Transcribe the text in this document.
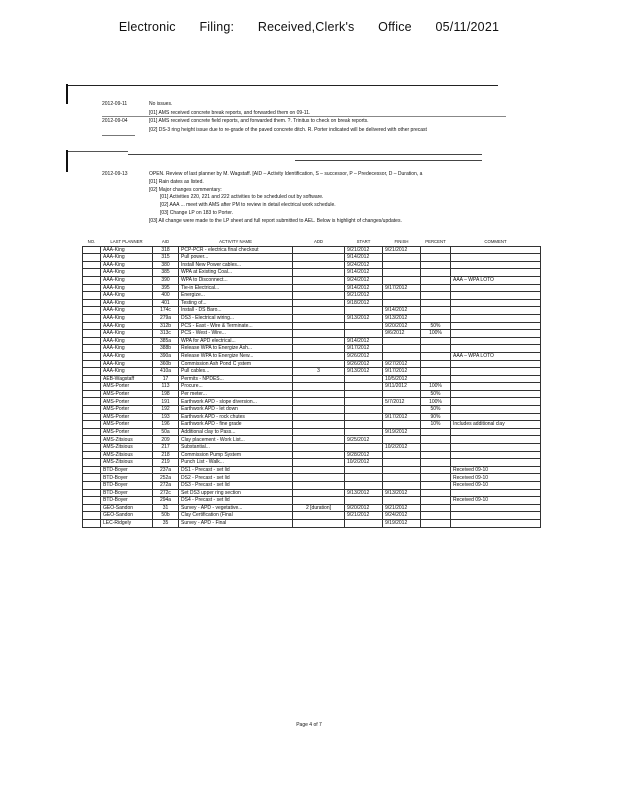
Electronic Filing: Received,Clerk's Office 05/11/2021
2012-09-11	No issues.
[01] AMS received concrete break reports, and forwarded them on 09-11.
2012-09-04	[01] AMS received concrete field reports, and forwarded them. ?. Trinitus to check on break reports.
[02] DS-3 ring height issue due to re-grade of the paved concrete ditch. R. Porter indicated will be delivered with other precast
2012-09-13	OPEN. Review of last planner by M. Wagstaff. [AID – Activity Identification, S – successor, P – Predecessor, D – Duration, a
[01] Rain dates as listed.
[02] Major changes commentary:
[01] Activities 220, 221 and 222 activities to be scheduled out by software.
[02] AAA ... meet with AMS after PM to review in detail electrical work schedule.
[03] Change LP on 183 to Porter.
[03] All change were made to the LP sheet and full report submitted to AEL. Below is highlight of changes/updates.
NO.	LAST PLANNER	AID	ACTIVITY NAME	ADD	START	FINISH	PERCENT	COMMENT
	AAA-King	318	PCP-PCR - electrica final checkout		9/21/2012	9/21/2012		
	AAA-King	315	Pull power...		9/14/2012			
	AAA-King	380	Install New Power cables...		9/24/2012			
	AAA-King	385	WPA at Existing Coal...		9/14/2012			
	AAA-King	390	WPA to Disconnect...		9/24/2012			AAA – WPA LOTO
	AAA-King	395	Tie-in Electrical...		9/14/2012	9/17/2012		
	AAA-King	400	Energize...		9/21/2012			
	AAA-King	401	Testing of...		9/18/2012			
	AAA-King	174c	Install - DS Baro...			9/14/2012		
	AAA-King	279a	DS3 - Electrical wiring...		9/13/2012	9/13/2012		
	AAA-King	312b	PCS - East - Wire & Terminate...			9/20/2012	50%	
	AAA-King	313c	PCS - West - Wire...			9/6/2012	100%	
	AAA-King	385a	WPA for APD electrical...		9/14/2012			
	AAA-King	388b	Release WPA to Energize Ash...		9/17/2012			
	AAA-King	390a	Release WPA to Energize New...		9/26/2012			AAA – WPA LOTO
	AAA-King	360b	Commission Ash Pond C ystem		9/26/2012	9/27/2012		
	AAA-King	410a	Pull cables...	3	9/13/2012	9/17/2012		
	AEB-Wagstaff	17	Permits - NPDES...			10/5/2012		
	AMS-Porter	113	Procure...			9/11/2012	100%	
	AMS-Porter	198	Per meter...				50%	
	AMS-Porter	191	Earthwork APD - slope diversion...			5/7/2012	100%	
	AMS-Porter	192	Earthwork APD - let down				50%	
	AMS-Porter	193	Earthwork APD - rock chutes			9/17/2012	90%	
	AMS-Porter	196	Earthwork APD - fine grade				10%	Includes additional clay
	AMS-Porter	50a	Additional clay to Pass...			9/19/2012		
	AMS-Zitsious	209	Clay placement - Work List...		9/25/2012			
	AMS-Zitsious	217	Substantial...			10/2/2012		
	AMS-Zitsious	218	Commission Pump System		9/28/2012			
	AMS-Zitsious	219	Punch List - Walk...		10/2/2012			
	BTD-Boyer	237a	DS1 - Precast - set lid					Received 09-10
	BTD-Boyer	252a	DS2 - Precast - set lid					Received 09-10
	BTD-Boyer	272a	DS3 - Precast - set lid					Received 09-10
	BTD-Boyer	272c	Set DS3 upper ring section		9/13/2012	9/13/2012		
	BTD-Boyer	294a	DS4 - Precast - set lid					Received 09-10
	GEO-Sandon	31	Survey - APD - vegetative...	2 [duration]	9/20/2012	9/21/2012		
	GEO-Sandon	50b	Clay Certification (Final		9/21/2012	9/24/2012		
	LEC-Ridgely	35	Survey - APD - Final			9/19/2012		
Page 4 of 7
